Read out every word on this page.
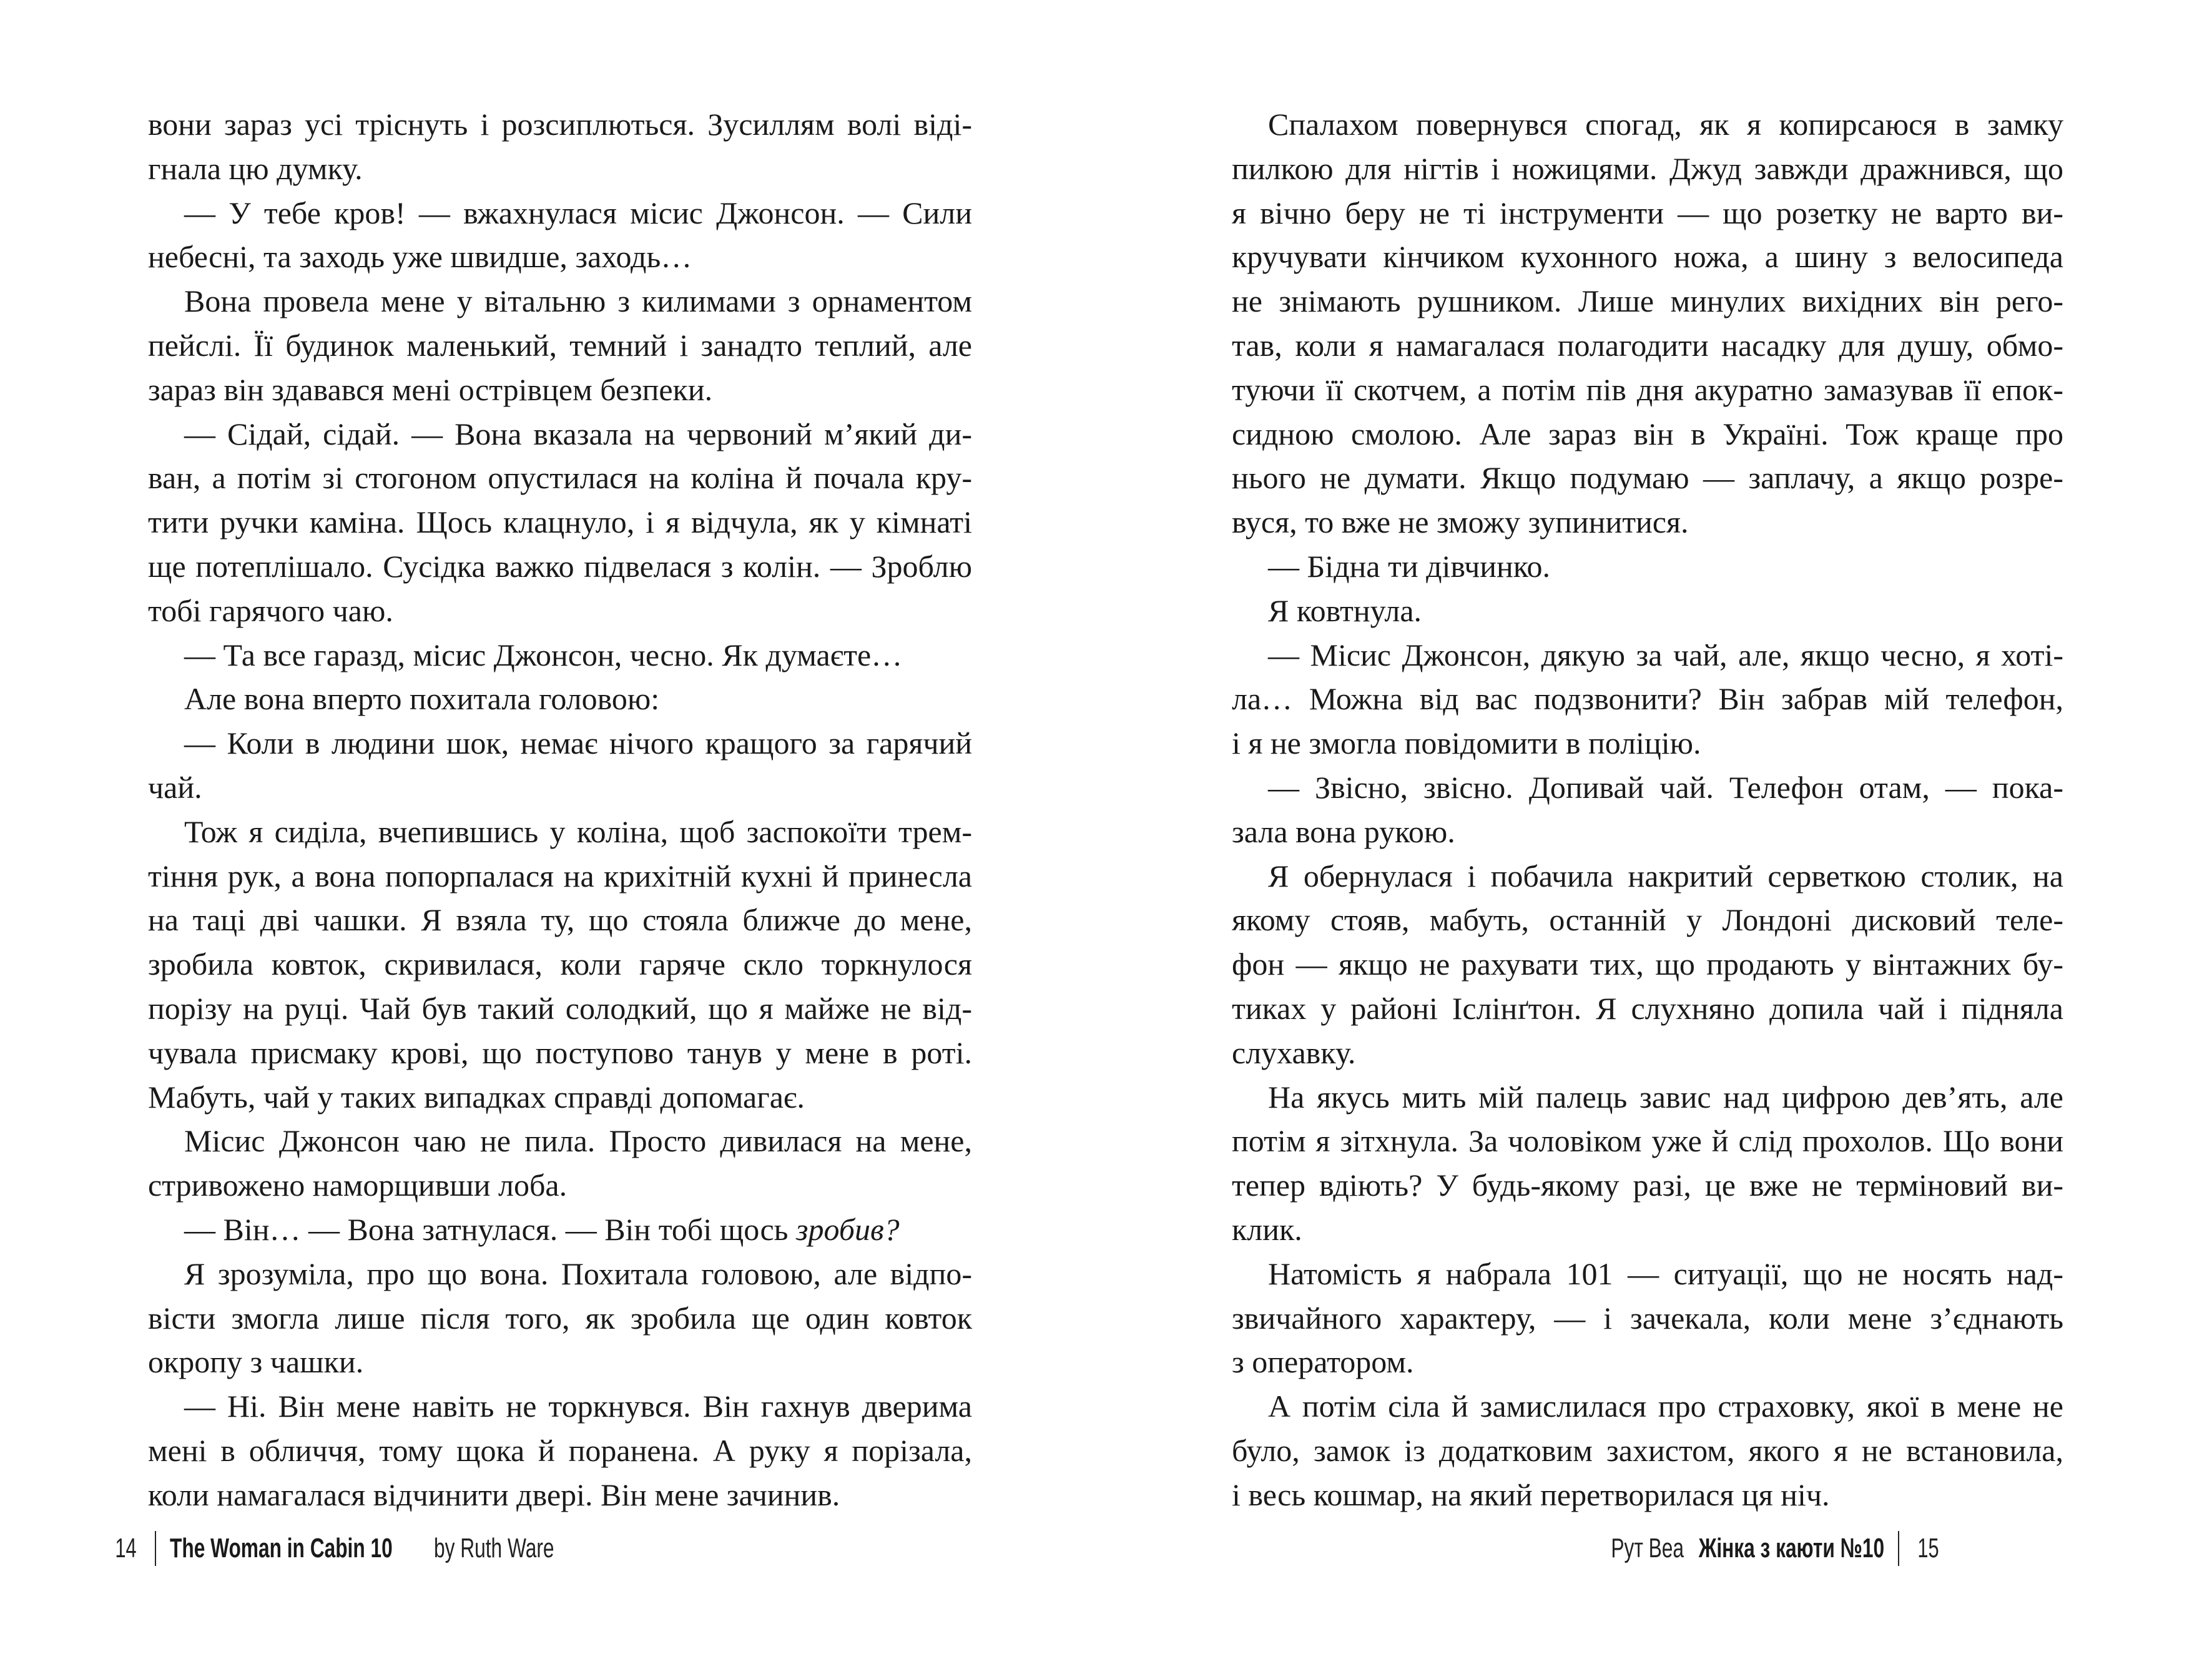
вони зараз усі тріснуть і розсиплються. Зусиллям волі віді-
гнала цю думку.
— У тебе кров! — вжахнулася місис Джонсон. — Сили
небесні, та заходь уже швидше, заходь…
Вона провела мене у вітальню з килимами з орнаментом
пейслі. Її будинок маленький, темний і занадто теплий, але
зараз він здавався мені острівцем безпеки.
— Сідай, сідай. — Вона вказала на червоний м’який ди-
ван, а потім зі стогоном опустилася на коліна й почала кру-
тити ручки каміна. Щось клацнуло, і я відчула, як у кімнаті
ще потеплішало. Сусідка важко підвелася з колін. — Зроблю
тобі гарячого чаю.
— Та все гаразд, місис Джонсон, чесно. Як думаєте…
Але вона вперто похитала головою:
— Коли в людини шок, немає нічого кращого за гарячий
чай.
Тож я сиділа, вчепившись у коліна, щоб заспокоїти трем-
тіння рук, а вона попорпалася на крихітній кухні й принесла
на таці дві чашки. Я взяла ту, що стояла ближче до мене,
зробила ковток, скривилася, коли гаряче скло торкнулося
порізу на руці. Чай був такий солодкий, що я майже не від-
чувала присмаку крові, що поступово танув у мене в роті.
Мабуть, чай у таких випадках справді допомагає.
Місис Джонсон чаю не пила. Просто дивилася на мене,
стривожено наморщивши лоба.
— Він… — Вона затнулася. — Він тобі щось зробив?
Я зрозуміла, про що вона. Похитала головою, але відпо-
вісти змогла лише після того, як зробила ще один ковток
окропу з чашки.
— Ні. Він мене навіть не торкнувся. Він гахнув дверима
мені в обличчя, тому щока й поранена. А руку я порізала,
коли намагалася відчинити двері. Він мене зачинив.
14 The Woman in Cabin 10 by Ruth Ware
Спалахом повернувся спогад, як я копирсаюся в замку
пилкою для нігтів і ножицями. Джуд завжди дражнився, що
я вічно беру не ті інструменти — що розетку не варто ви-
кручувати кінчиком кухонного ножа, а шину з велосипеда
не знімають рушником. Лише минулих вихідних він рего-
тав, коли я намагалася полагодити насадку для душу, обмо-
туючи її скотчем, а потім пів дня акуратно замазував її епок-
сидною смолою. Але зараз він в Україні. Тож краще про
нього не думати. Якщо подумаю — заплачу, а якщо розре-
вуся, то вже не зможу зупинитися.
— Бідна ти дівчинко.
Я ковтнула.
— Місис Джонсон, дякую за чай, але, якщо чесно, я хоті-
ла… Можна від вас подзвонити? Він забрав мій телефон,
і я не змогла повідомити в поліцію.
— Звісно, звісно. Допивай чай. Телефон отам, — пока-
зала вона рукою.
Я обернулася і побачила накритий серветкою столик, на
якому стояв, мабуть, останній у Лондоні дисковий теле-
фон — якщо не рахувати тих, що продають у вінтажних бу-
тиках у районі Іслінґтон. Я слухняно допила чай і підняла
слухавку.
На якусь мить мій палець завис над цифрою дев’ять, але
потім я зітхнула. За чоловіком уже й слід прохолов. Що вони
тепер вдіють? У будь-якому разі, це вже не терміновий ви-
клик.
Натомість я набрала 101 — ситуації, що не носять над-
звичайного характеру, — і зачекала, коли мене з’єднають
з оператором.
А потім сіла й замислилася про страховку, якої в мене не
було, замок із додатковим захистом, якого я не встановила,
і весь кошмар, на який перетворилася ця ніч.
Рут Веа Жінка з каюти №10 15
